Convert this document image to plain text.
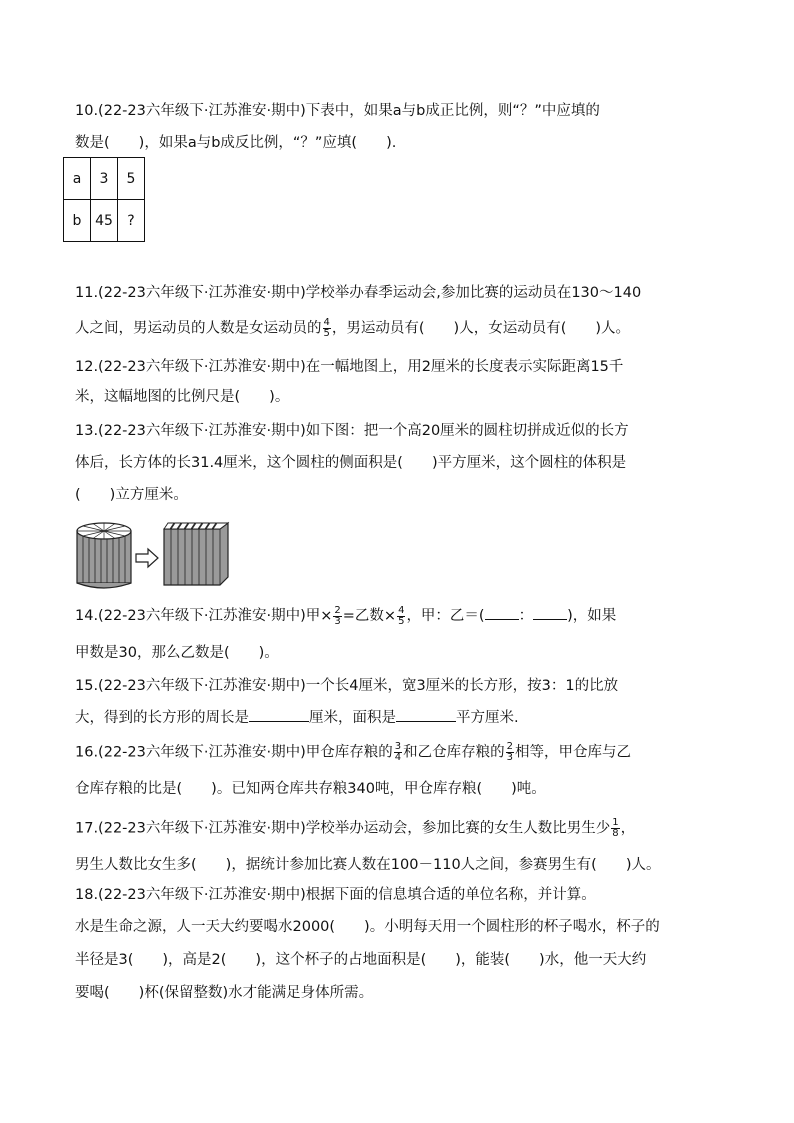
10.(22-23六年级下·江苏淮安·期中)下表中，如果a与b成正比例，则“？”中应填的
数是(　　)，如果a与b成反比例，“？”应填(　　).
a	3	5
b	45	?
11.(22-23六年级下·江苏淮安·期中)学校举办春季运动会,参加比赛的运动员在130～140
人之间，男运动员的人数是女运动员的 $\frac{4}{5}$ ，男运动员有(　　)人，女运动员有(　　)人。
12.(22-23六年级下·江苏淮安·期中)在一幅地图上，用2厘米的长度表示实际距离15千
米，这幅地图的比例尺是(　　)。
13.(22-23六年级下·江苏淮安·期中)如下图：把一个高20厘米的圆柱切拼成近似的长方
体后，长方体的长31.4厘米，这个圆柱的侧面积是(　　)平方厘米，这个圆柱的体积是
(　　)立方厘米。
14.(22-23六年级下·江苏淮安·期中)甲× $\frac{2}{3}$ =乙数× $\frac{4}{5}$ ，甲：乙＝( ： )，如果
甲数是30，那么乙数是(　　)。
15.(22-23六年级下·江苏淮安·期中)一个长4厘米，宽3厘米的长方形，按3：1的比放
大，得到的长方形的周长是	厘米，面积是	平方厘米.
16.(22-23六年级下·江苏淮安·期中)甲仓库存粮的 $\frac{3}{4}$ 和乙仓库存粮的 $\frac{2}{3}$ 相等，甲仓库与乙
仓库存粮的比是(　　)。已知两仓库共存粮340吨，甲仓库存粮(　　)吨。
17.(22-23六年级下·江苏淮安·期中)学校举办运动会，参加比赛的女生人数比男生少 $\frac{1}{8}$ ，
男生人数比女生多(　　)，据统计参加比赛人数在100－110人之间，参赛男生有(　　)人。
18.(22-23六年级下·江苏淮安·期中)根据下面的信息填合适的单位名称，并计算。
水是生命之源，人一天大约要喝水2000(　　)。小明每天用一个圆柱形的杯子喝水，杯子的
半径是3(　　)，高是2(　　)，这个杯子的占地面积是(　　)，能装(　　)水，他一天大约
要喝(　　)杯(保留整数)水才能满足身体所需。
